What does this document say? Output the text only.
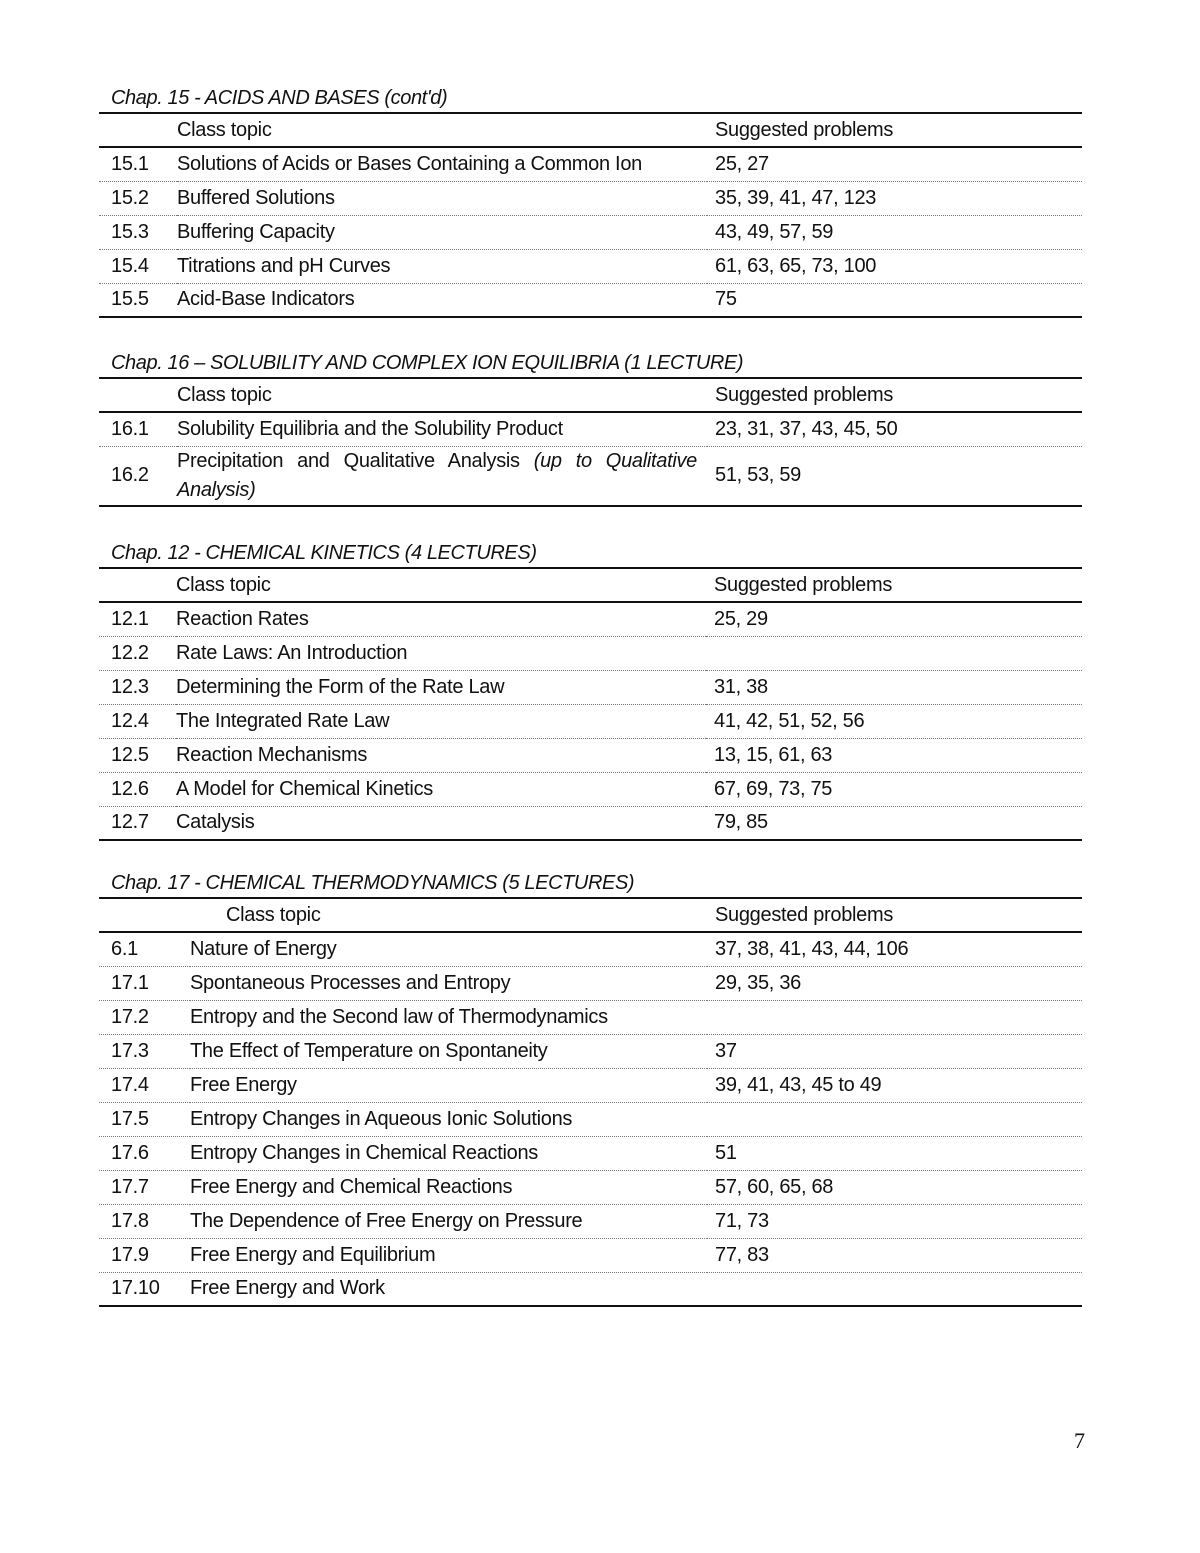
Chap. 15 - ACIDS AND BASES (cont'd)
	Class topic	Suggested problems
15.1	Solutions of Acids or Bases Containing a Common Ion	25, 27
15.2	Buffered Solutions	35, 39, 41, 47, 123
15.3	Buffering Capacity	43, 49, 57, 59
15.4	Titrations and pH Curves	61, 63, 65, 73, 100
15.5	Acid-Base Indicators	75
Chap. 16 – SOLUBILITY AND COMPLEX ION EQUILIBRIA (1 LECTURE)
	Class topic	Suggested problems
16.1	Solubility Equilibria and the Solubility Product	23, 31, 37, 43, 45, 50
16.2	Precipitation and Qualitative Analysis (up to Qualitative Analysis)	51, 53, 59
Chap. 12 - CHEMICAL KINETICS (4 LECTURES)
	Class topic	Suggested problems
12.1	Reaction Rates	25, 29
12.2	Rate Laws: An Introduction	
12.3	Determining the Form of the Rate Law	31, 38
12.4	The Integrated Rate Law	41, 42, 51, 52, 56
12.5	Reaction Mechanisms	13, 15, 61, 63
12.6	A Model for Chemical Kinetics	67, 69, 73, 75
12.7	Catalysis	79, 85
Chap. 17 - CHEMICAL THERMODYNAMICS (5 LECTURES)
	Class topic	Suggested problems
6.1	Nature of Energy	37, 38, 41, 43, 44, 106
17.1	Spontaneous Processes and Entropy	29, 35, 36
17.2	Entropy and the Second law of Thermodynamics	
17.3	The Effect of Temperature on Spontaneity	37
17.4	Free Energy	39, 41, 43, 45 to 49
17.5	Entropy Changes in Aqueous Ionic Solutions	
17.6	Entropy Changes in Chemical Reactions	51
17.7	Free Energy and Chemical Reactions	57, 60, 65, 68
17.8	The Dependence of Free Energy on Pressure	71, 73
17.9	Free Energy and Equilibrium	77, 83
17.10	Free Energy and Work	
7
